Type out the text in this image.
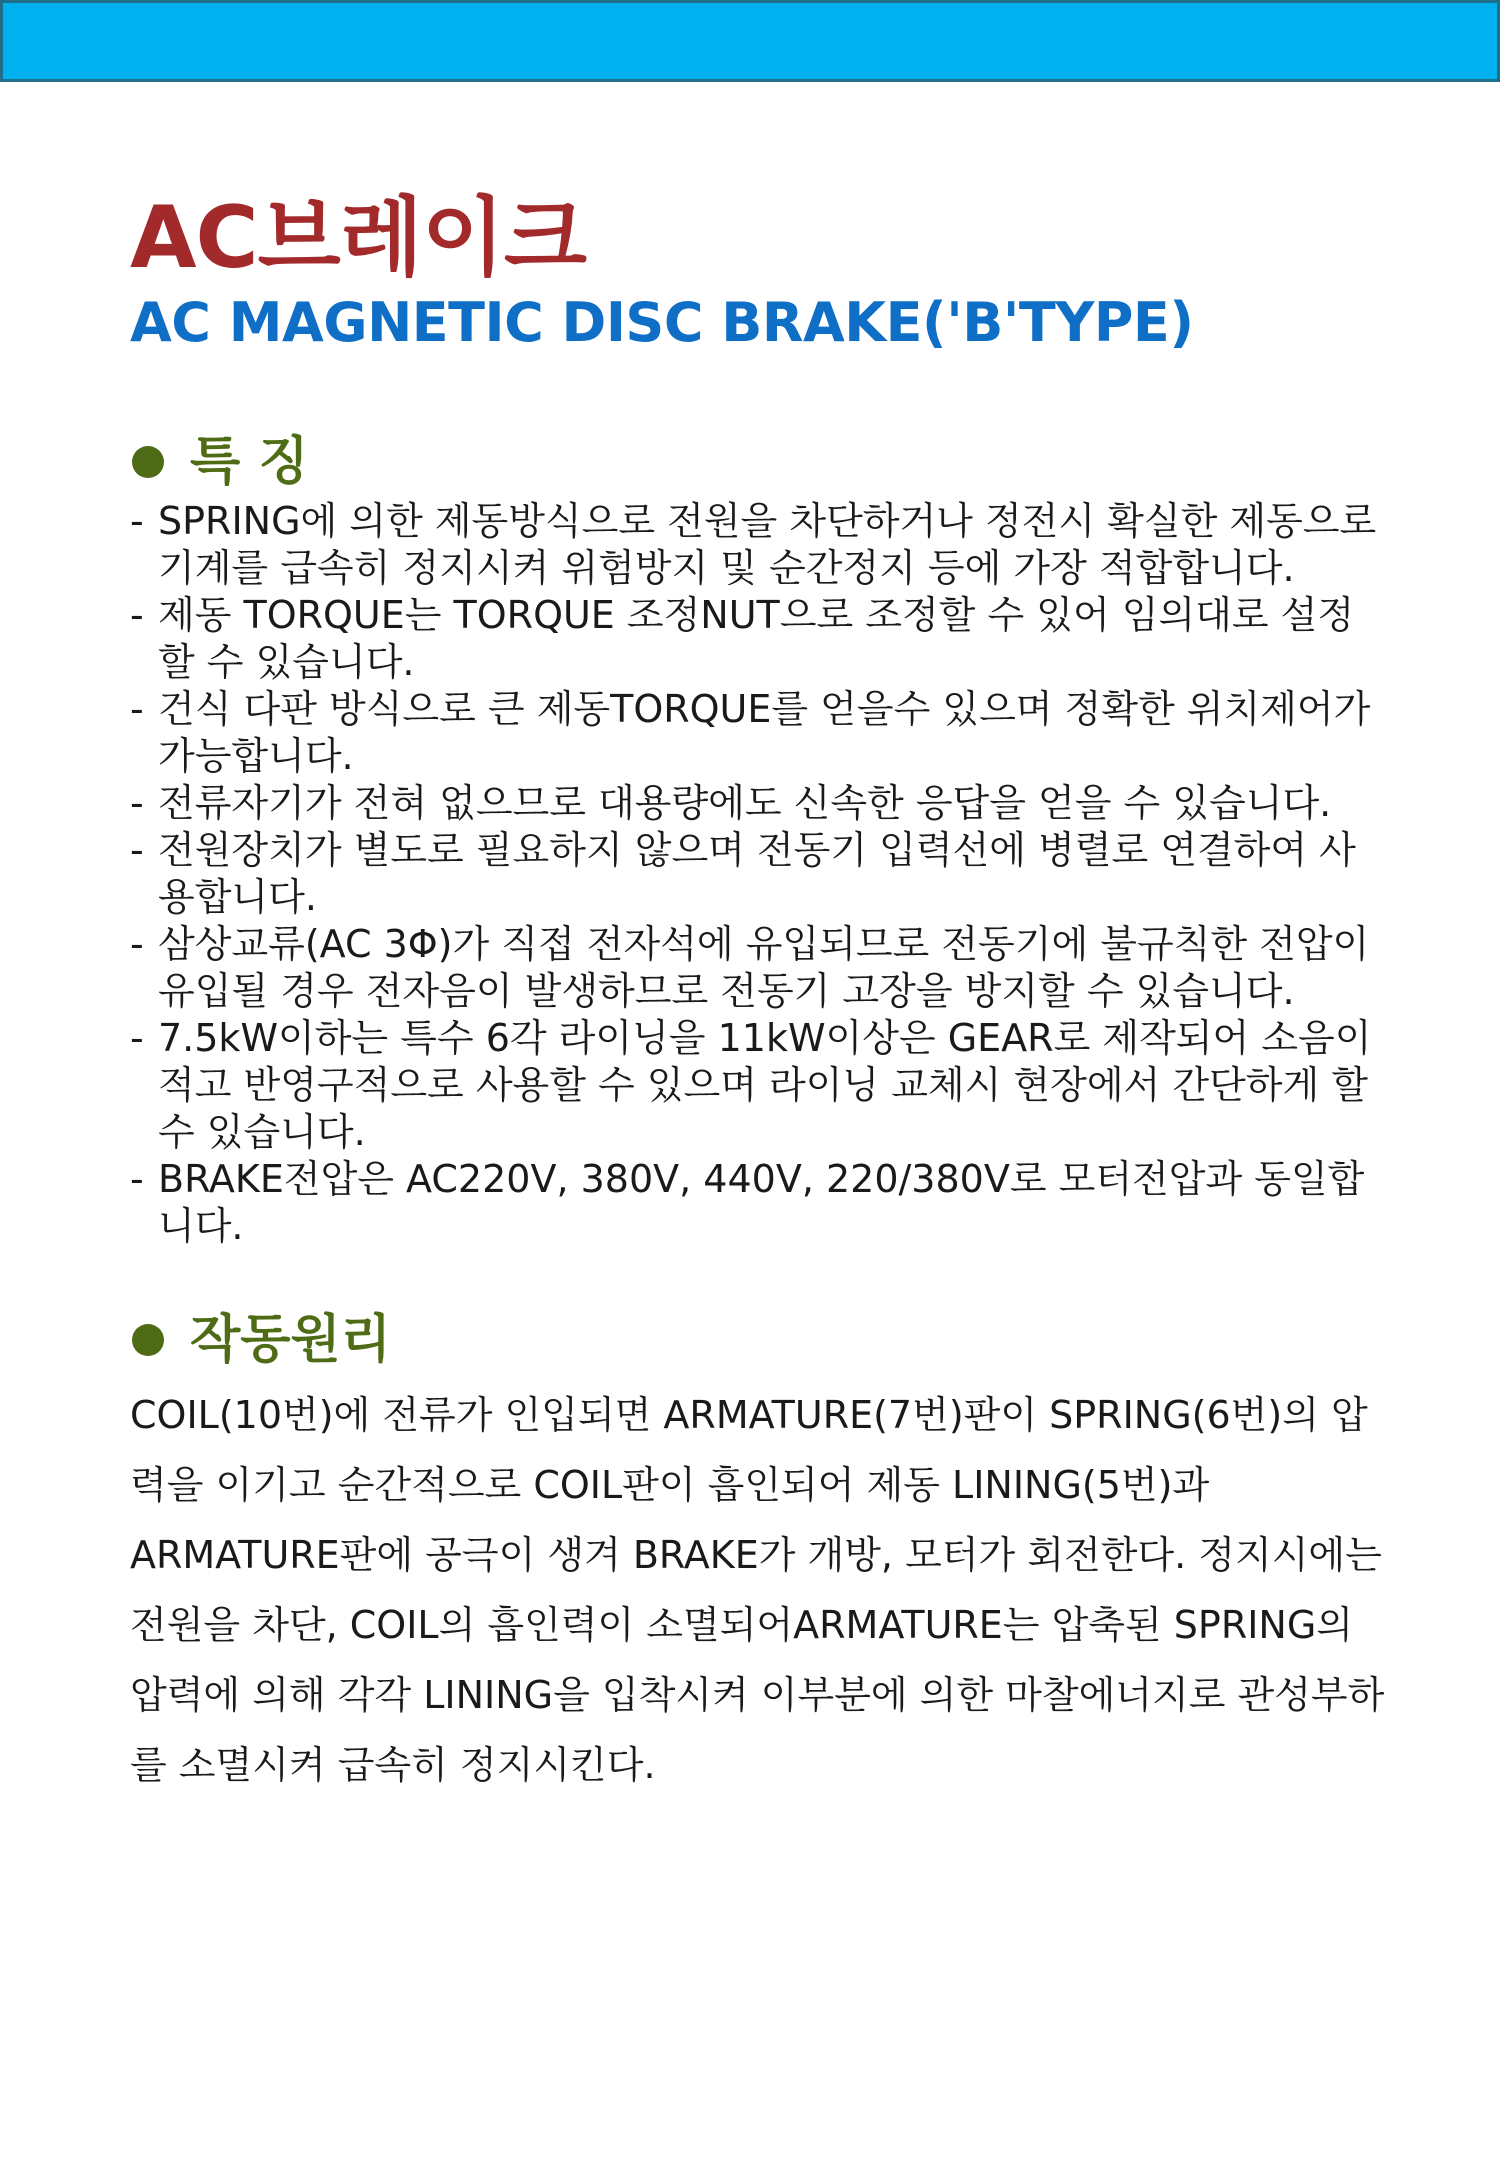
AC브레이크
AC MAGNETIC DISC BRAKE('B'TYPE)
특 징
- SPRING에 의한 제동방식으로 전원을 차단하거나 정전시 확실한 제동으로 기계를 급속히 정지시켜 위험방지 및 순간정지 등에 가장 적합합니다.
- 제동 TORQUE는 TORQUE 조정NUT으로 조정할 수 있어 임의대로 설정할 수 있습니다.
- 건식 다판 방식으로 큰 제동TORQUE를 얻을수 있으며 정확한 위치제어가 가능합니다.
- 전류자기가 전혀 없으므로 대용량에도 신속한 응답을 얻을 수 있습니다.
- 전원장치가 별도로 필요하지 않으며 전동기 입력선에 병렬로 연결하여 사용합니다.
- 삼상교류(AC 3Φ)가 직접 전자석에 유입되므로 전동기에 불규칙한 전압이 유입될 경우 전자음이 발생하므로 전동기 고장을 방지할 수 있습니다.
- 7.5kW이하는 특수 6각 라이닝을 11kW이상은 GEAR로 제작되어 소음이 적고 반영구적으로 사용할 수 있으며 라이닝 교체시 현장에서 간단하게 할 수 있습니다.
- BRAKE전압은 AC220V, 380V, 440V, 220/380V로 모터전압과 동일합니다.
작동원리

COIL(10번)에 전류가 인입되면 ARMATURE(7번)판이 SPRING(6번)의 압력을 이기고 순간적으로 COIL판이 흡인되어 제동 LINING(5번)과 ARMATURE판에 공극이 생겨 BRAKE가 개방, 모터가 회전한다. 정지시에는 전원을 차단, COIL의 흡인력이 소멸되어ARMATURE는 압축된 SPRING의 압력에 의해 각각 LINING을 입착시켜 이부분에 의한 마찰에너지로 관성부하를 소멸시켜 급속히 정지시킨다.
